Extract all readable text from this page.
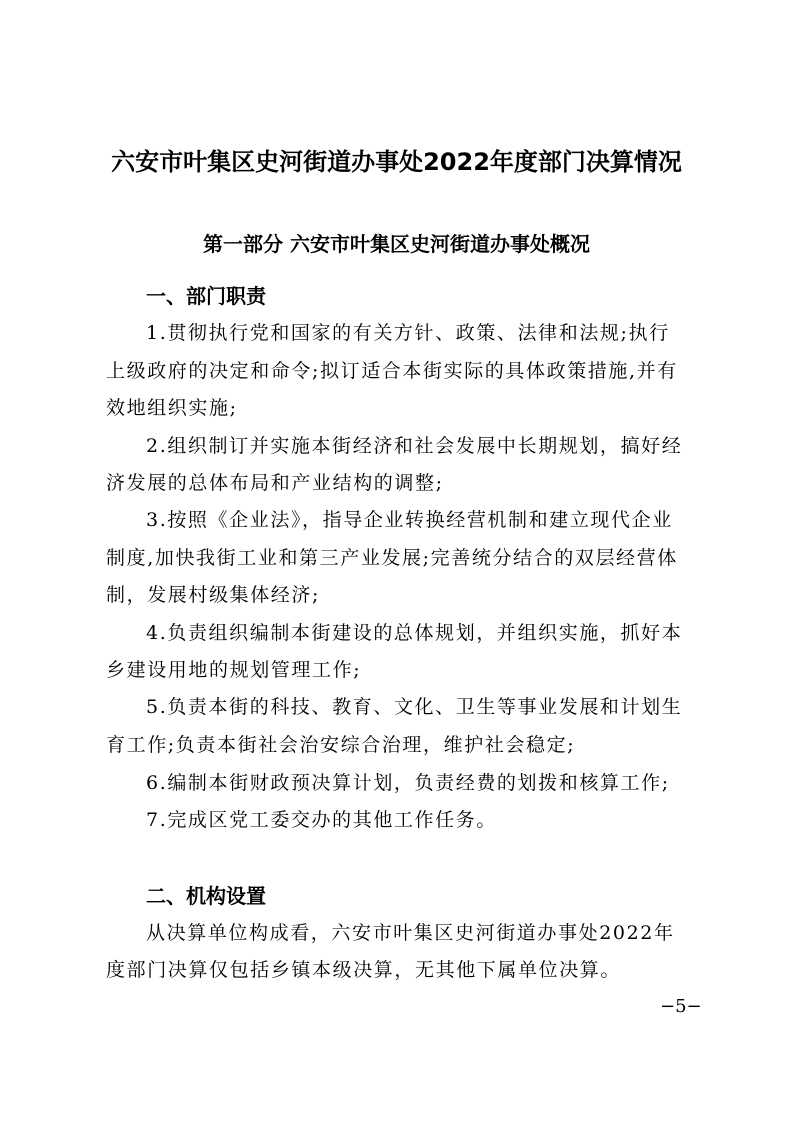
六安市叶集区史河街道办事处2022年度部门决算情况
第一部分 六安市叶集区史河街道办事处概况
一、部门职责
1.贯彻执行党和国家的有关方针、政策、法律和法规;执行
上级政府的决定和命令;拟订适合本街实际的具体政策措施,并有
效地组织实施;
2.组织制订并实施本街经济和社会发展中长期规划，搞好经
济发展的总体布局和产业结构的调整;
3.按照《企业法》，指导企业转换经营机制和建立现代企业
制度,加快我街工业和第三产业发展;完善统分结合的双层经营体
制，发展村级集体经济;
4.负责组织编制本街建设的总体规划，并组织实施，抓好本
乡建设用地的规划管理工作;
5.负责本街的科技、教育、文化、卫生等事业发展和计划生
育工作;负责本街社会治安综合治理，维护社会稳定;
6.编制本街财政预决算计划，负责经费的划拨和核算工作;
7.完成区党工委交办的其他工作任务。
二、机构设置
从决算单位构成看，六安市叶集区史河街道办事处2022年
度部门决算仅包括乡镇本级决算，无其他下属单位决算。
−5−
